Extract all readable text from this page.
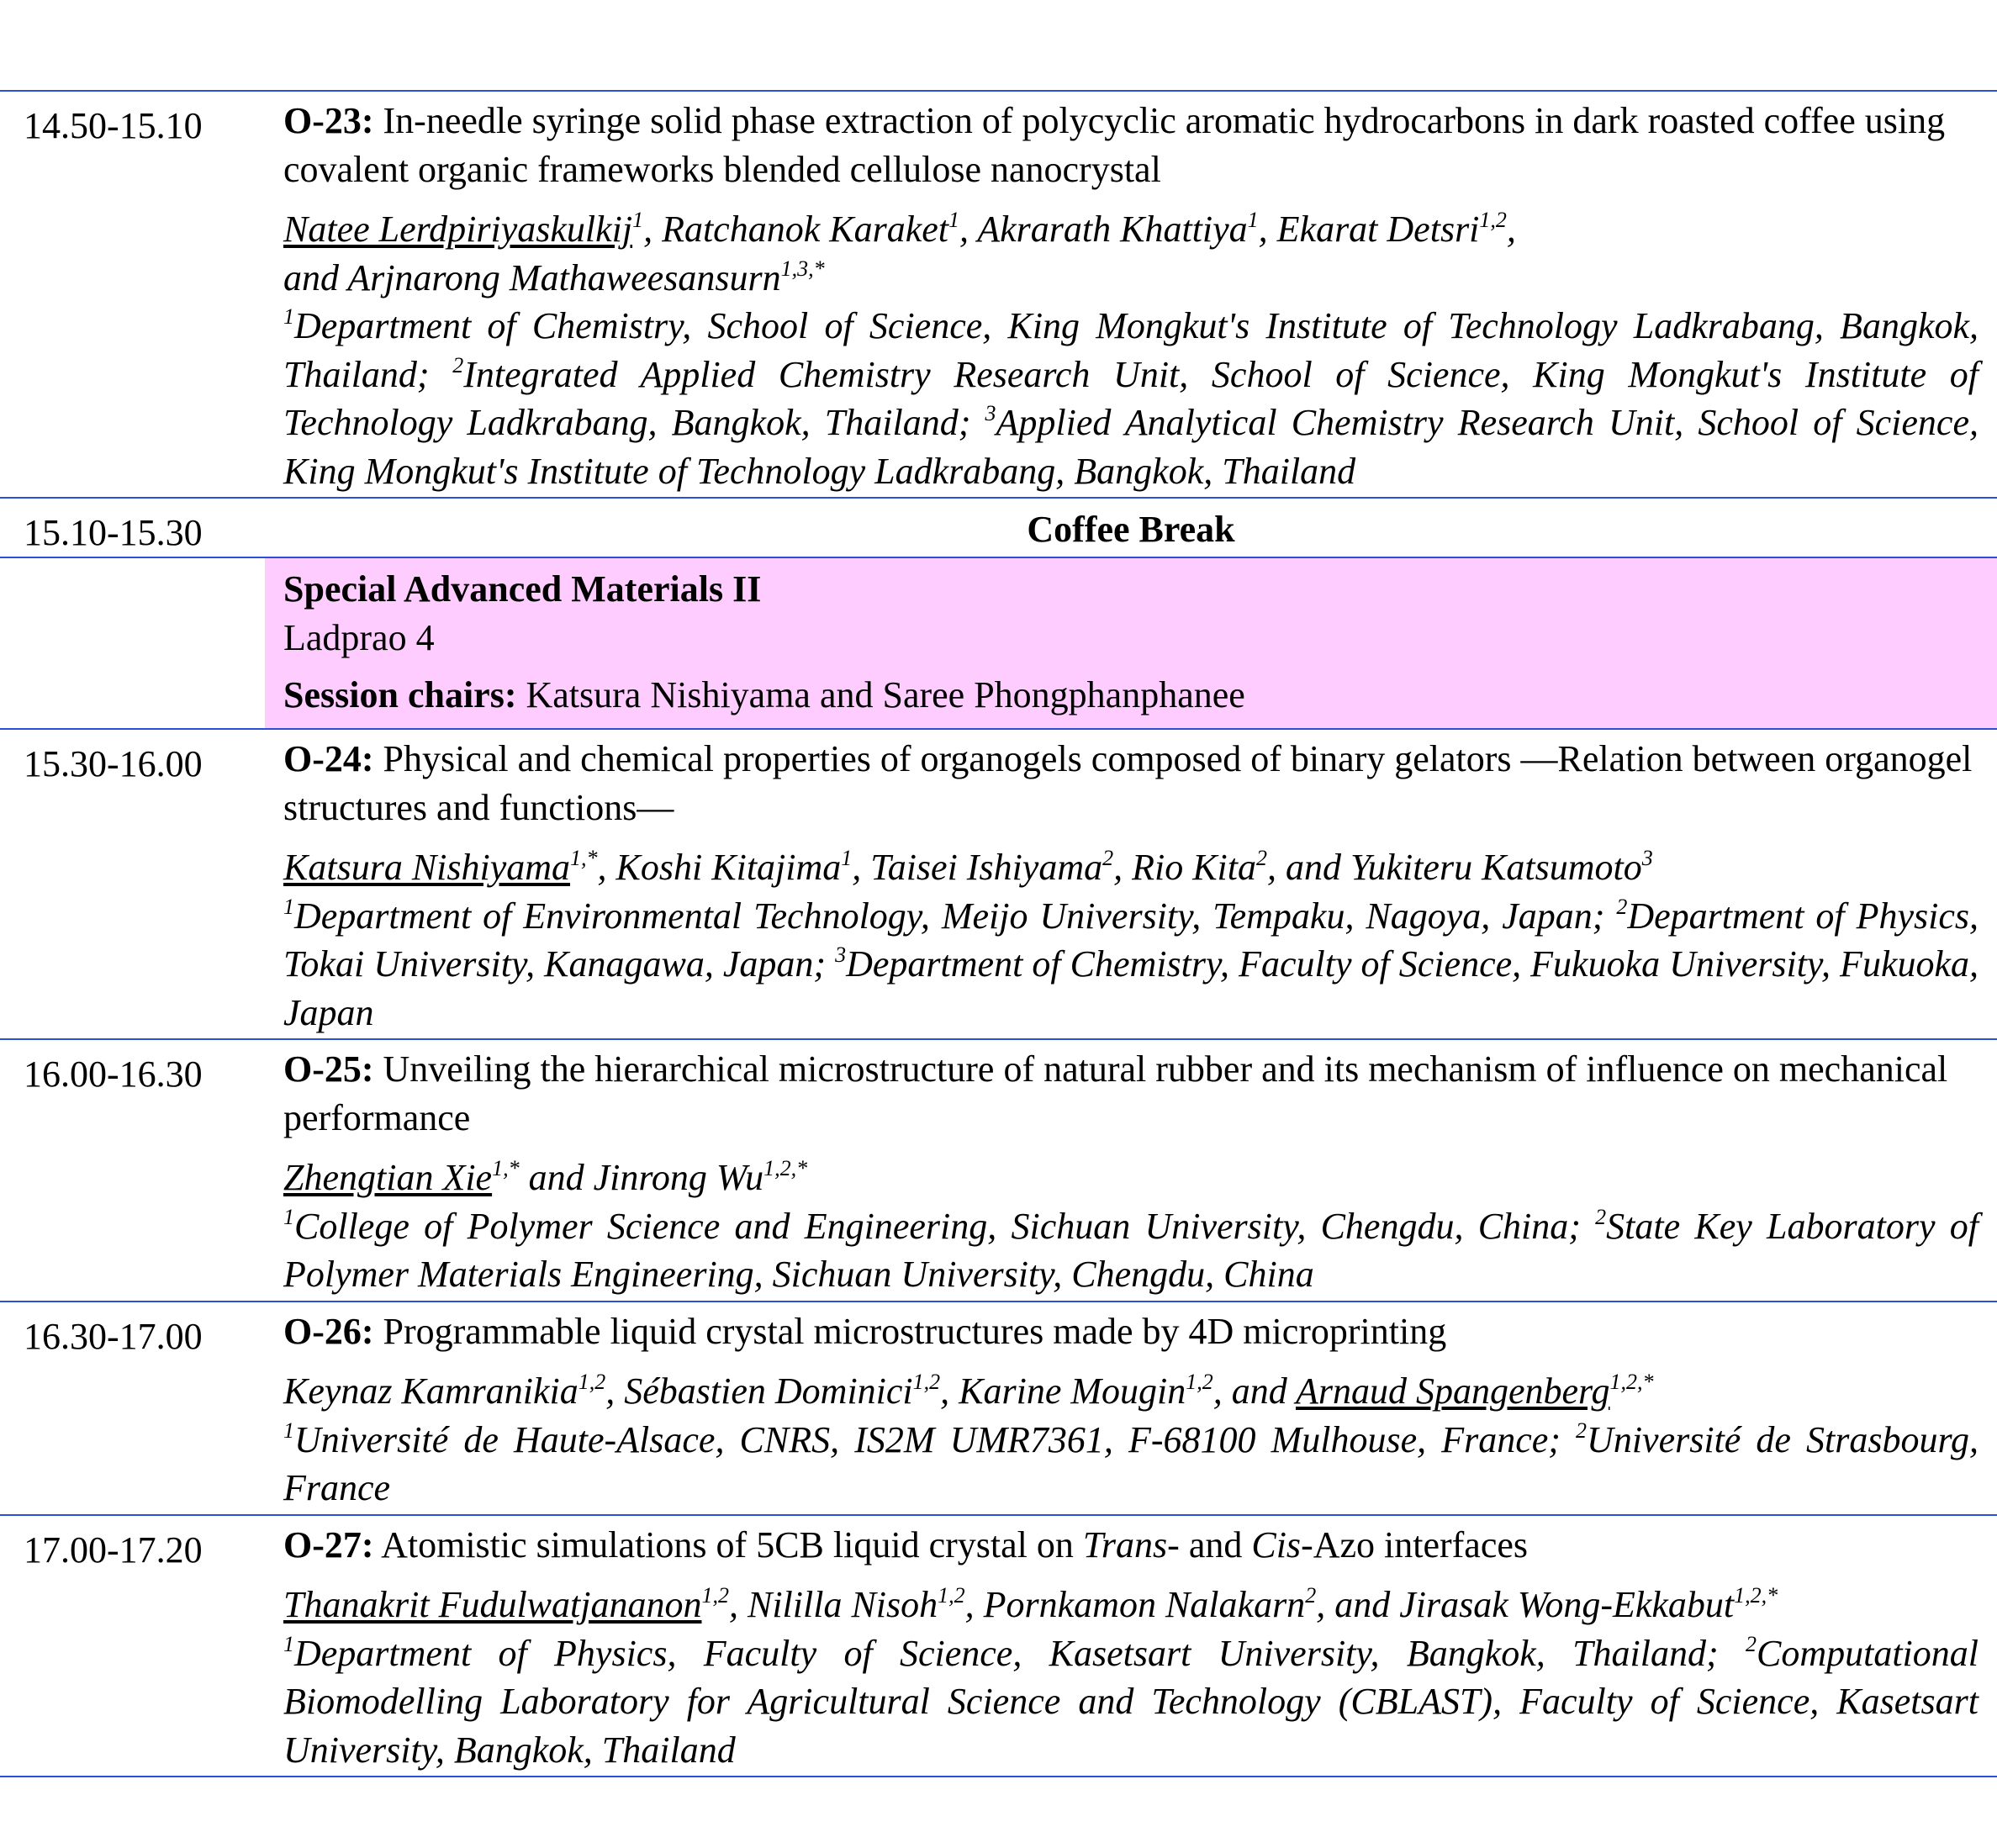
14.50-15.10 O-23: In-needle syringe solid phase extraction of polycyclic aromatic hydrocarbons in dark roasted coffee using covalent organic frameworks blended cellulose nanocrystal
Natee Lerdpiriyaskulkij$^1$, Ratchanok Karaket$^1$, Akrarath Khattiya$^1$, Ekarat Detsri$^{1,2}$,
and Arjnarong Mathaweesansurn$^{1,3,*}$
$^1$Department of Chemistry, School of Science, King Mongkut's Institute of Technology Ladkrabang, Bangkok, Thailand; $^2$Integrated Applied Chemistry Research Unit, School of Science, King Mongkut's Institute of Technology Ladkrabang, Bangkok, Thailand; $^3$Applied Analytical Chemistry Research Unit, School of Science, King Mongkut's Institute of Technology Ladkrabang, Bangkok, Thailand
15.10-15.30	Coffee Break
Special Advanced Materials II
Ladprao 4
Session chairs: Katsura Nishiyama and Saree Phongphanphanee
15.30-16.00 O-24: Physical and chemical properties of organogels composed of binary gelators —Relation between organogel structures and functions—
Katsura Nishiyama$^{1,*}$, Koshi Kitajima$^1$, Taisei Ishiyama$^2$, Rio Kita$^2$, and Yukiteru Katsumoto$^3$
$^1$Department of Environmental Technology, Meijo University, Tempaku, Nagoya, Japan; $^2$Department of Physics, Tokai University, Kanagawa, Japan; $^3$Department of Chemistry, Faculty of Science, Fukuoka University, Fukuoka, Japan
16.00-16.30 O-25: Unveiling the hierarchical microstructure of natural rubber and its mechanism of influence on mechanical performance
Zhengtian Xie$^{1,*}$ and Jinrong $Wu^{1,2,*}$
$^1$College of Polymer Science and Engineering, Sichuan University, Chengdu, China; $^2$State Key Laboratory of Polymer Materials Engineering, Sichuan University, Chengdu, China
16.30-17.00 O-26: Programmable liquid crystal microstructures made by 4D microprinting
Keynaz Kamranikia$^{1,2}$, Sébastien Dominici$^{1,2}$, Karine Mougin$^{1,2}$, and Arnaud Spangenberg$^{1,2,*}$
$^1$Université de Haute-Alsace, CNRS, IS2M UMR7361, F-68100 Mulhouse, France; $^2$Université de Strasbourg, France
17.00-17.20 O-27: Atomistic simulations of 5CB liquid crystal on Trans- and Cis-Azo interfaces
Thanakrit Fudulwatjananon$^{1,2}$, Nililla Nisoh$^{1,2}$, Pornkamon Nalakarn$^2$, and Jirasak Wong-Ekkabut$^{1,2,*}$
$^1$Department of Physics, Faculty of Science, Kasetsart University, Bangkok, Thailand; $^2$Computational Biomodelling Laboratory for Agricultural Science and Technology (CBLAST), Faculty of Science, Kasetsart University, Bangkok, Thailand
